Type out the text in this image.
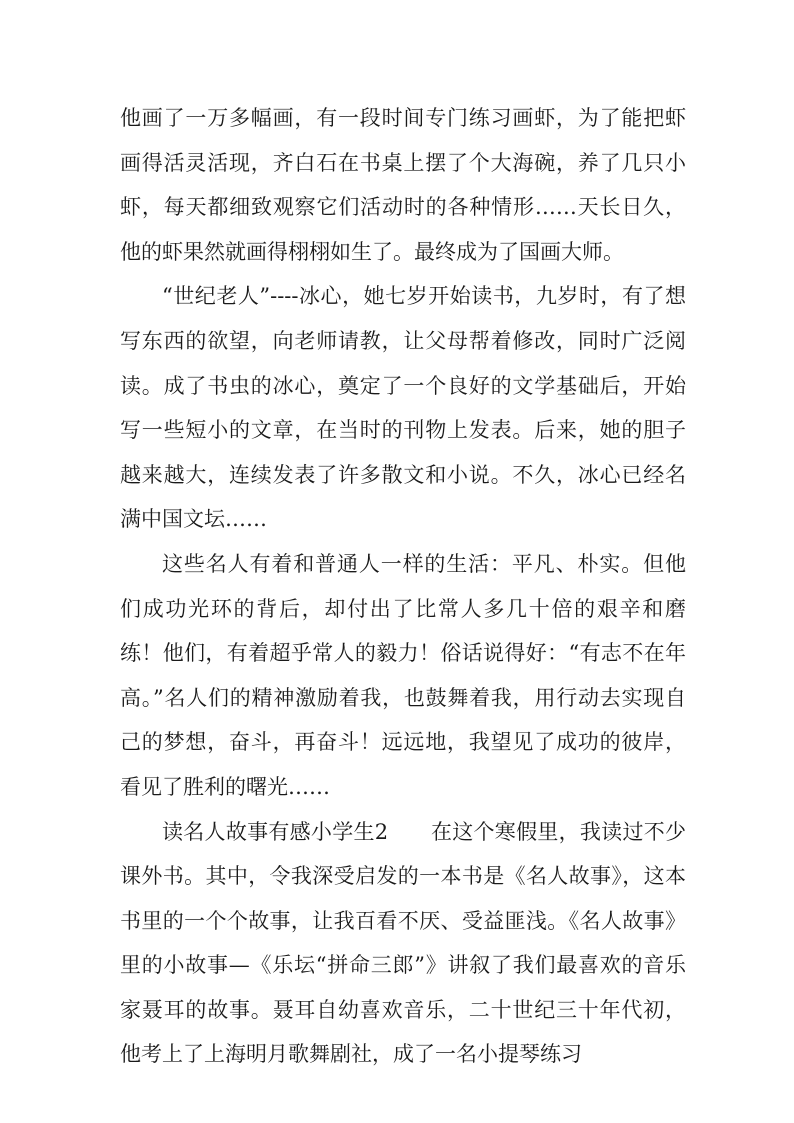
他画了一万多幅画，有一段时间专门练习画虾，为了能把虾画得活灵活现，齐白石在书桌上摆了个大海碗，养了几只小虾，每天都细致观察它们活动时的各种情形……天长日久，他的虾果然就画得栩栩如生了。最终成为了国画大师。

“世纪老人”----冰心，她七岁开始读书，九岁时，有了想写东西的欲望，向老师请教，让父母帮着修改，同时广泛阅读。成了书虫的冰心，奠定了一个良好的文学基础后，开始写一些短小的文章，在当时的刊物上发表。后来，她的胆子越来越大，连续发表了许多散文和小说。不久，冰心已经名满中国文坛……

这些名人有着和普通人一样的生活：平凡、朴实。但他们成功光环的背后，却付出了比常人多几十倍的艰辛和磨练！他们，有着超乎常人的毅力！俗话说得好：“有志不在年高。”名人们的精神激励着我，也鼓舞着我，用行动去实现自己的梦想，奋斗，再奋斗！远远地，我望见了成功的彼岸，看见了胜利的曙光……

读名人故事有感小学生2　　在这个寒假里，我读过不少课外书。其中，令我深受启发的一本书是《名人故事》，这本书里的一个个故事，让我百看不厌、受益匪浅。《名人故事》里的小故事—《乐坛“拼命三郎”》讲叙了我们最喜欢的音乐家聂耳的故事。聂耳自幼喜欢音乐，二十世纪三十年代初，他考上了上海明月歌舞剧社，成了一名小提琴练习
